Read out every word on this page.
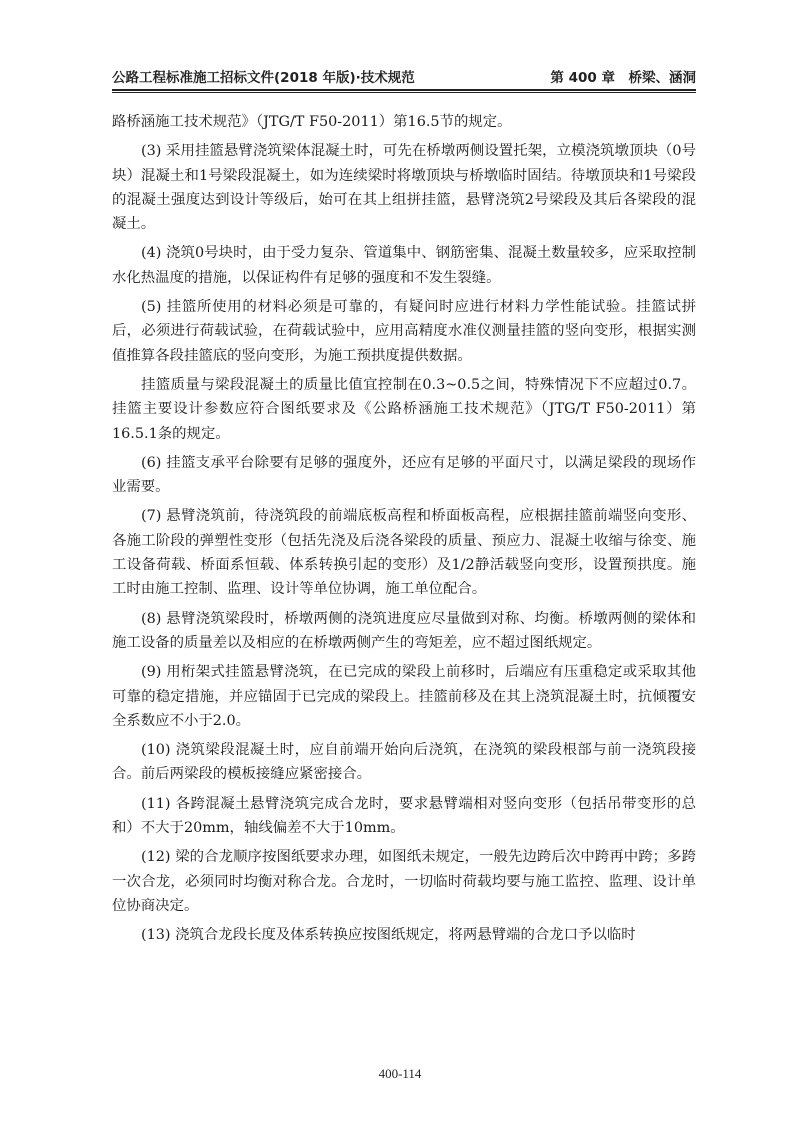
公路工程标准施工招标文件(2018 年版)·技术规范	第 400 章　桥梁、涵洞

路桥涵施工技术规范》（JTG/T F50-2011）第16.5节的规定。

(3) 采用挂篮悬臂浇筑梁体混凝土时，可先在桥墩两侧设置托架，立模浇筑墩顶块（0号块）混凝土和1号梁段混凝土，如为连续梁时将墩顶块与桥墩临时固结。待墩顶块和1号梁段的混凝土强度达到设计等级后，始可在其上组拼挂篮，悬臂浇筑2号梁段及其后各梁段的混凝土。

(4) 浇筑0号块时，由于受力复杂、管道集中、钢筋密集、混凝土数量较多，应采取控制水化热温度的措施，以保证构件有足够的强度和不发生裂缝。

(5) 挂篮所使用的材料必须是可靠的，有疑问时应进行材料力学性能试验。挂篮试拼后，必须进行荷载试验，在荷载试验中，应用高精度水准仪测量挂篮的竖向变形，根据实测值推算各段挂篮底的竖向变形，为施工预拱度提供数据。

挂篮质量与梁段混凝土的质量比值宜控制在0.3~0.5之间，特殊情况下不应超过0.7。挂篮主要设计参数应符合图纸要求及《公路桥涵施工技术规范》（JTG/T F50-2011）第16.5.1条的规定。

(6) 挂篮支承平台除要有足够的强度外，还应有足够的平面尺寸，以满足梁段的现场作业需要。

(7) 悬臂浇筑前，待浇筑段的前端底板高程和桥面板高程，应根据挂篮前端竖向变形、各施工阶段的弹塑性变形（包括先浇及后浇各梁段的质量、预应力、混凝土收缩与徐变、施工设备荷载、桥面系恒载、体系转换引起的变形）及1/2静活载竖向变形，设置预拱度。施工时由施工控制、监理、设计等单位协调，施工单位配合。

(8) 悬臂浇筑梁段时，桥墩两侧的浇筑进度应尽量做到对称、均衡。桥墩两侧的梁体和施工设备的质量差以及相应的在桥墩两侧产生的弯矩差，应不超过图纸规定。

(9) 用桁架式挂篮悬臂浇筑，在已完成的梁段上前移时，后端应有压重稳定或采取其他可靠的稳定措施，并应锚固于已完成的梁段上。挂篮前移及在其上浇筑混凝土时，抗倾覆安全系数应不小于2.0。

(10) 浇筑梁段混凝土时，应自前端开始向后浇筑，在浇筑的梁段根部与前一浇筑段接合。前后两梁段的模板接缝应紧密接合。

(11) 各跨混凝土悬臂浇筑完成合龙时，要求悬臂端相对竖向变形（包括吊带变形的总和）不大于20mm，轴线偏差不大于10mm。

(12) 梁的合龙顺序按图纸要求办理，如图纸未规定，一般先边跨后次中跨再中跨；多跨一次合龙，必须同时均衡对称合龙。合龙时，一切临时荷载均要与施工监控、监理、设计单位协商决定。

(13) 浇筑合龙段长度及体系转换应按图纸规定，将两悬臂端的合龙口予以临时

400-114
